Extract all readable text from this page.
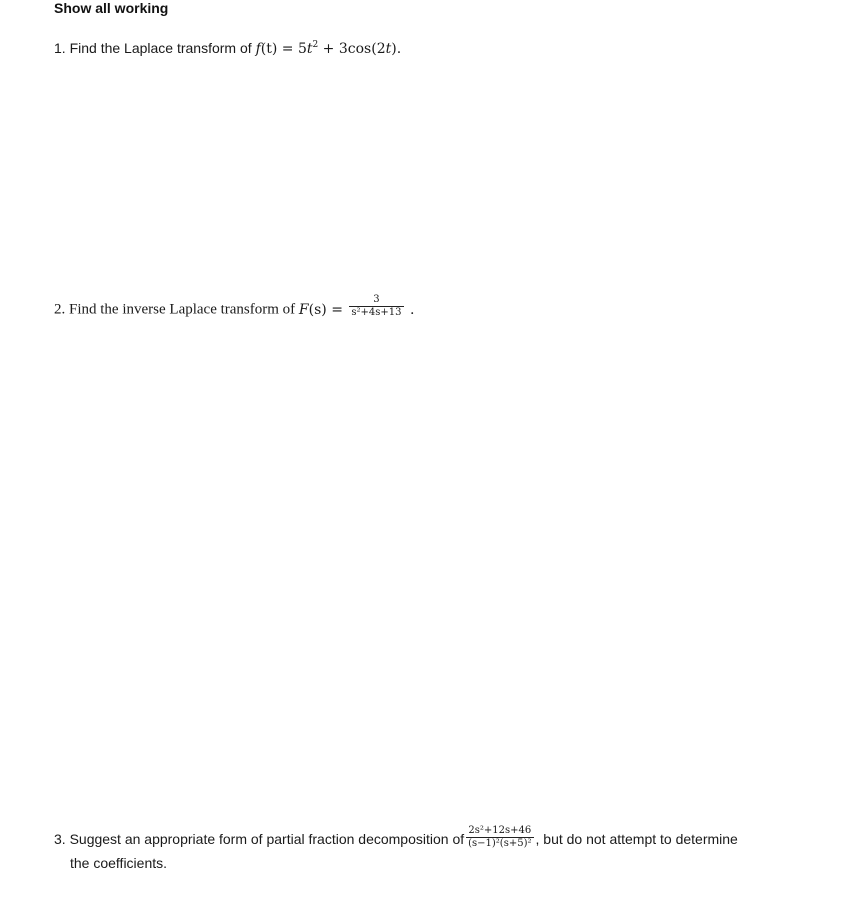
Show all working
1. Find the Laplace transform of $f(t) = 5t^2 + 3\cos(2t)$.
2. Find the inverse Laplace transform of $F(s) = \frac{3}{\text{s²+4s+13}}$ .
3. Suggest an appropriate form of partial fraction decomposition of $\frac{\text{2s²+12s+46}}{\text{(s−1)²(s+5)²}}$ , but do not attempt to determine
the coefficients.
